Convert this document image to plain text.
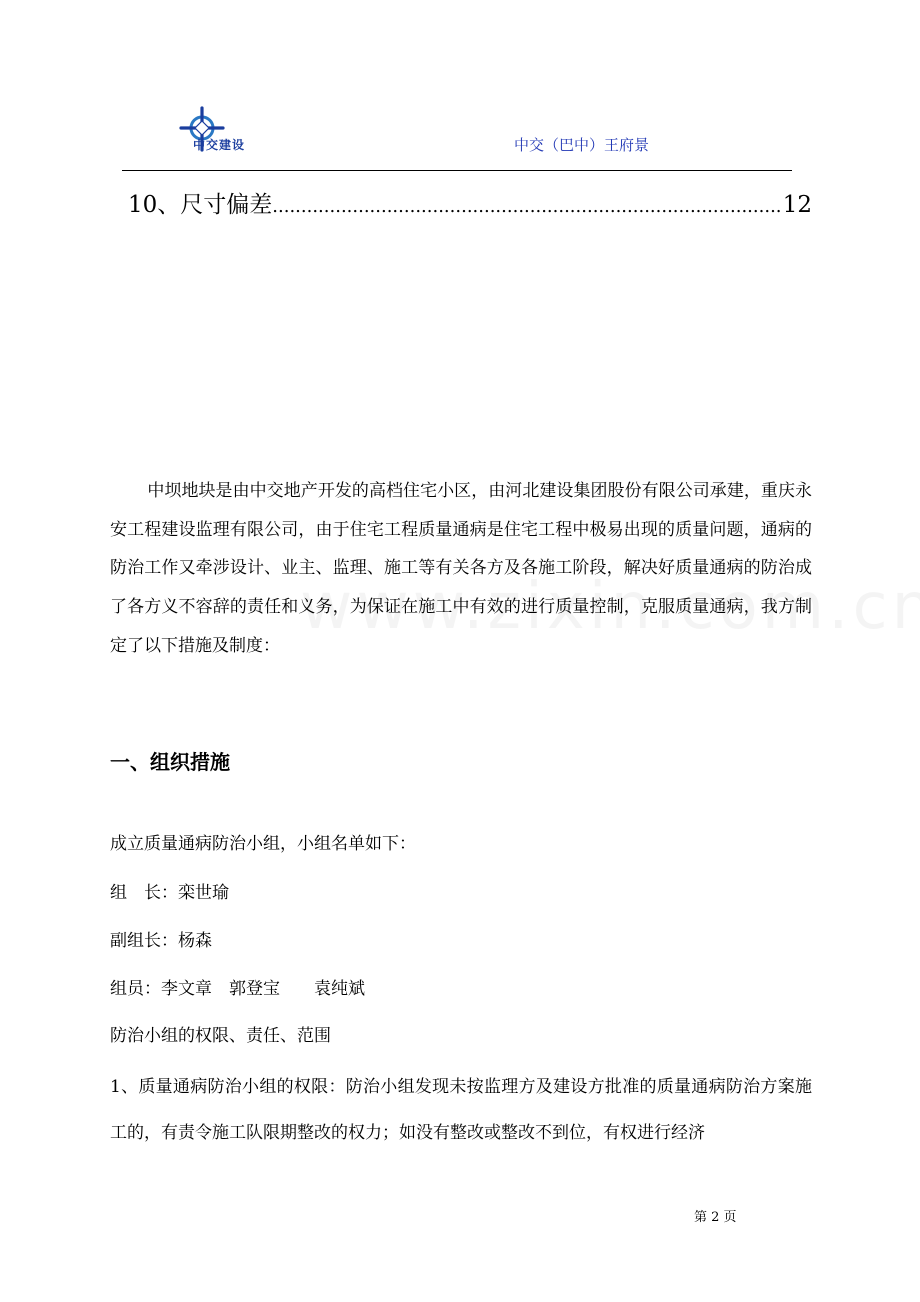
中交建设	中交（巴中）王府景
10、尺寸偏差
.....	12

中坝地块是由中交地产开发的高档住宅小区，由河北建设集团股份有限公司承建，重庆永安工程建设监理有限公司，由于住宅工程质量通病是住宅工程中极易出现的质量问题，通病的防治工作又牵涉设计、业主、监理、施工等有关各方及各施工阶段，解决好质量通病的防治成了各方义不容辞的责任和义务，为保证在施工中有效的进行质量控制，克服质量通病，我方制定了以下措施及制度：

一、组织措施

成立质量通病防治小组，小组名单如下：

组　长：栾世瑜

副组长：杨森

组员：李文章　郭登宝　　袁纯斌

防治小组的权限、责任、范围

1、质量通病防治小组的权限：防治小组发现未按监理方及建设方批准的质量通病防治方案施工的，有责令施工队限期整改的权力；如没有整改或整改不到位，有权进行经济

第 2 页
